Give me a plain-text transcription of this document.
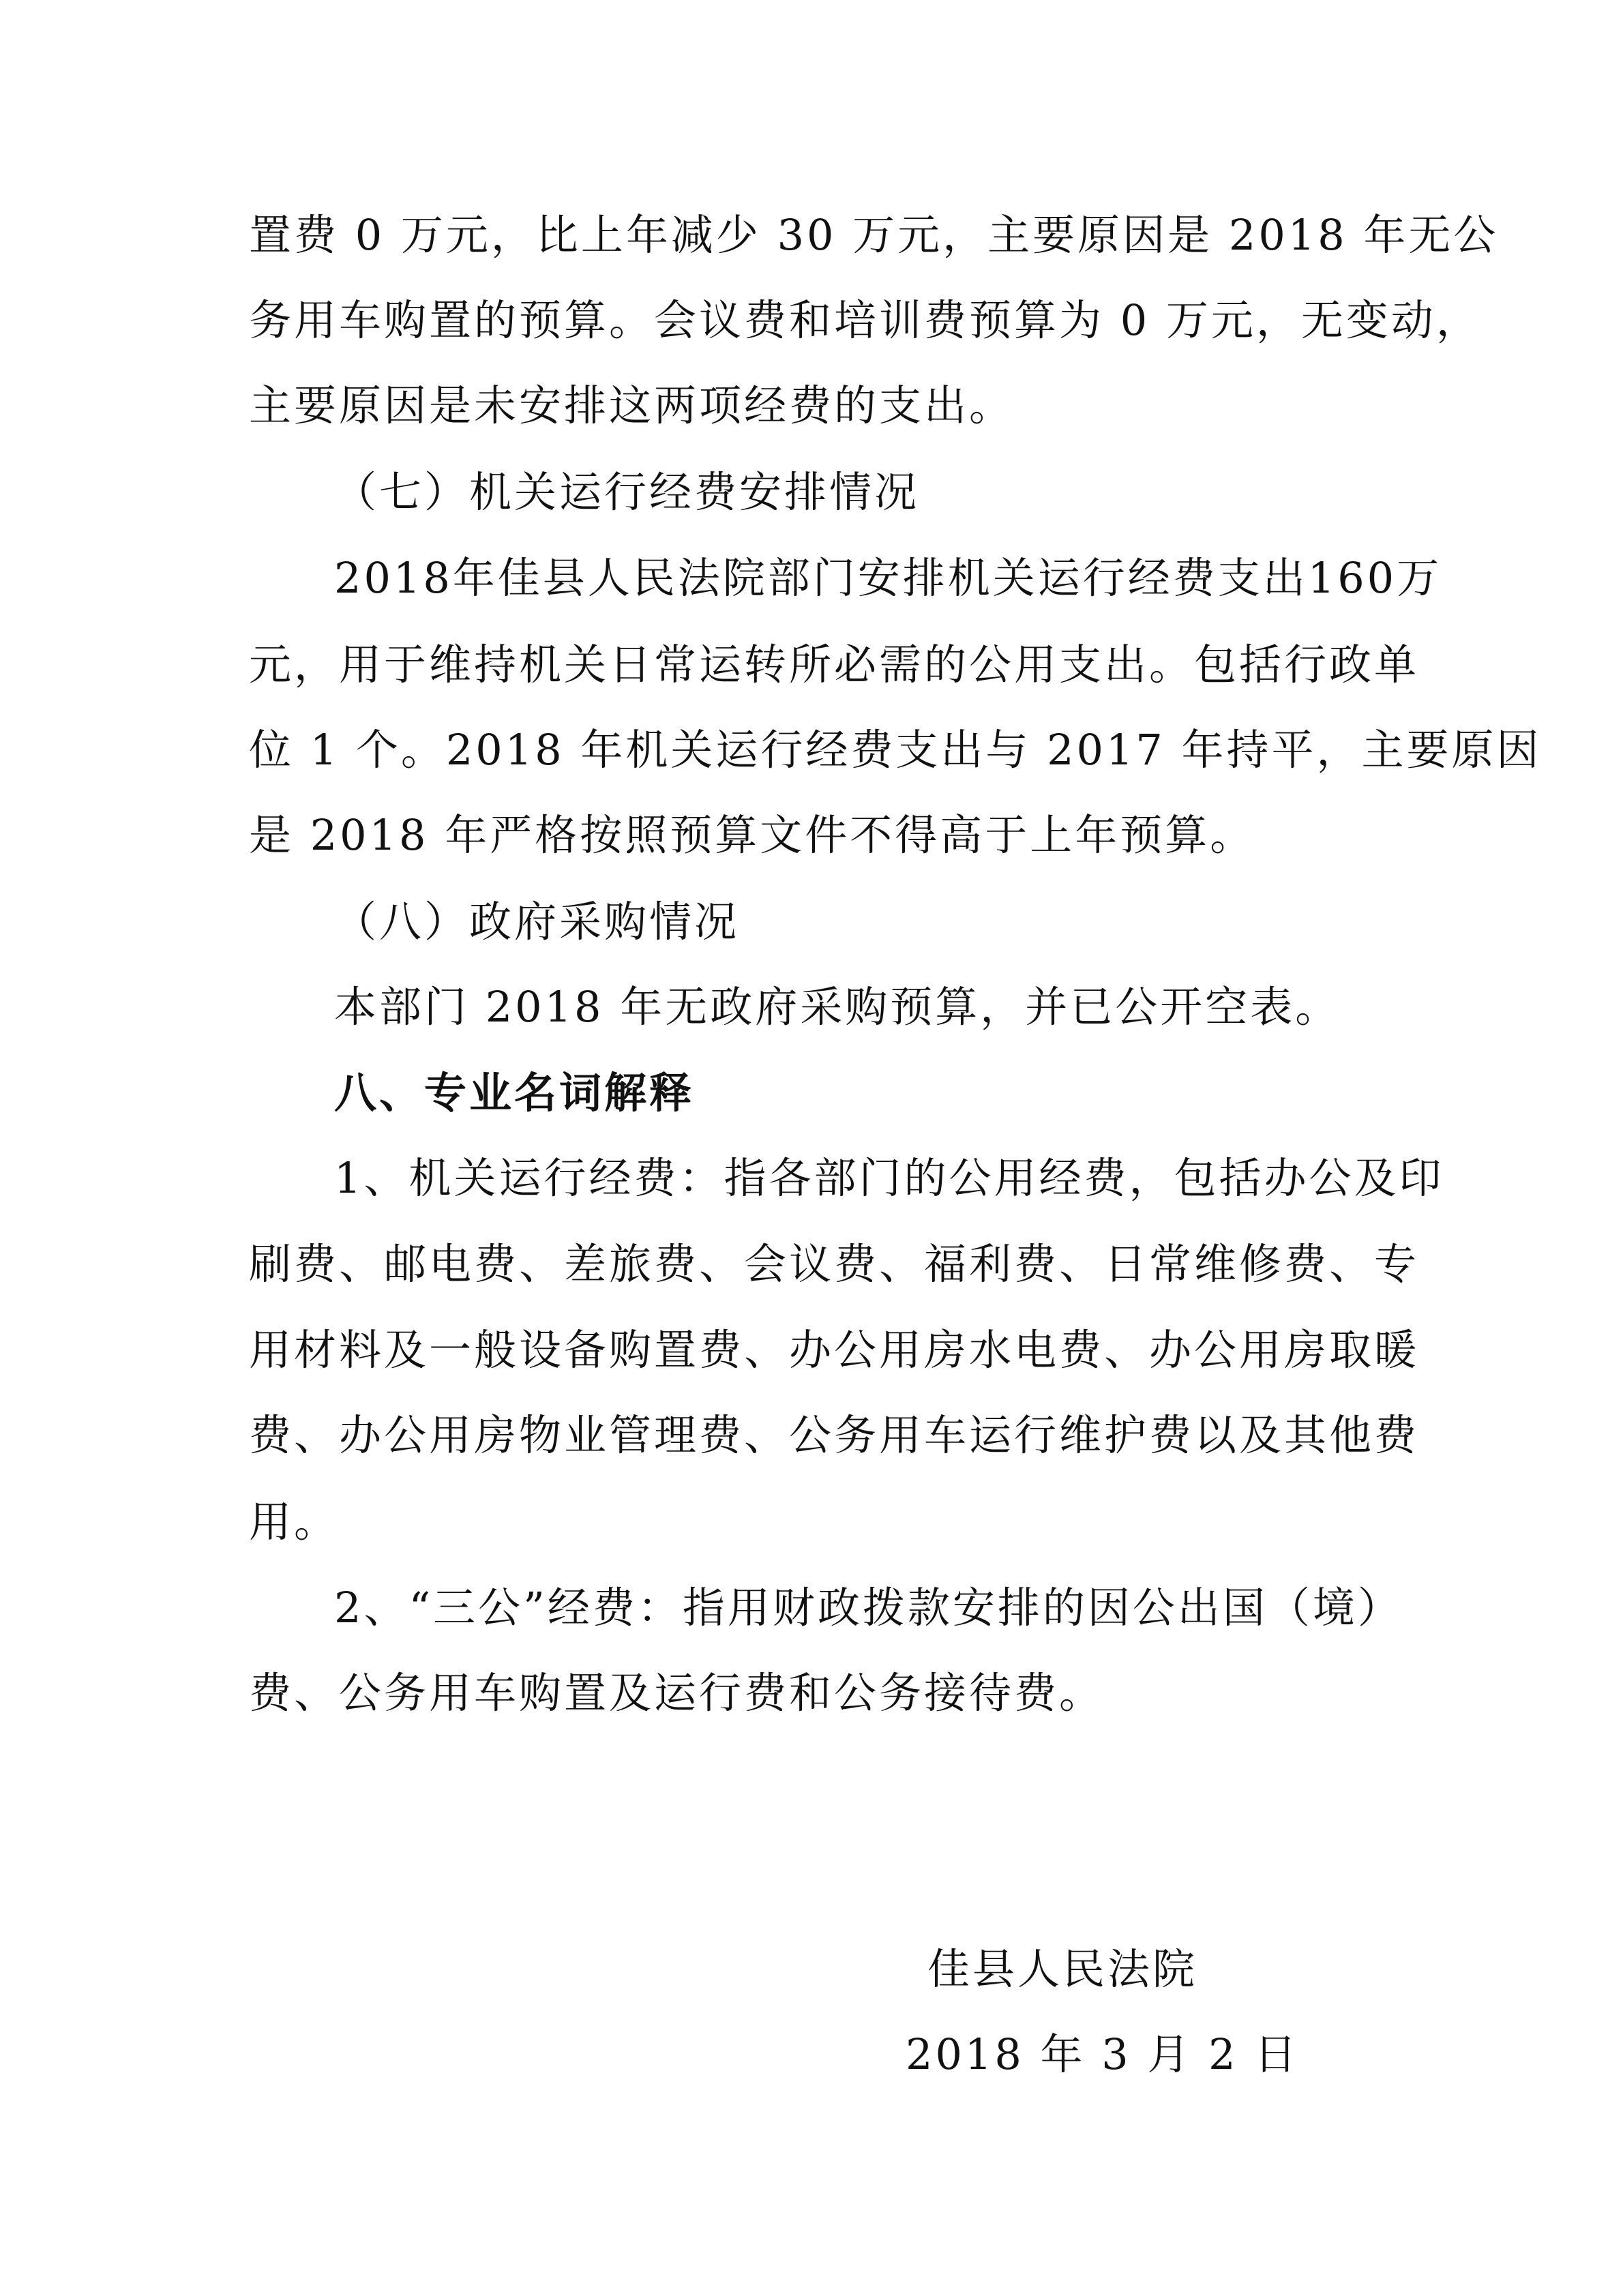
置费 0 万元，比上年减少 30 万元，主要原因是 2018 年无公
务用车购置的预算。会议费和培训费预算为 0 万元，无变动，
主要原因是未安排这两项经费的支出。
（七）机关运行经费安排情况
2018年佳县人民法院部门安排机关运行经费支出160万
元，用于维持机关日常运转所必需的公用支出。包括行政单
位 1 个。2018 年机关运行经费支出与 2017 年持平，主要原因
是 2018 年严格按照预算文件不得高于上年预算。
（八）政府采购情况
本部门 2018 年无政府采购预算，并已公开空表。
八、专业名词解释
1、机关运行经费：指各部门的公用经费，包括办公及印
刷费、邮电费、差旅费、会议费、福利费、日常维修费、专
用材料及一般设备购置费、办公用房水电费、办公用房取暖
费、办公用房物业管理费、公务用车运行维护费以及其他费
用。
2、“三公”经费：指用财政拨款安排的因公出国（境）
费、公务用车购置及运行费和公务接待费。
佳县人民法院
2018 年 3 月 2 日
